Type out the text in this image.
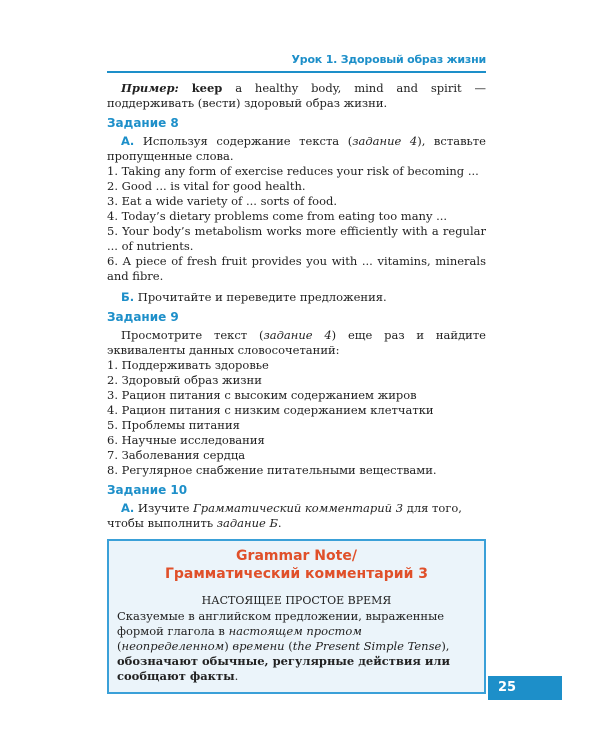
Урок 1. Здоровый образ жизни

Пример: keep a healthy body, mind and spirit — поддерживать (вести) здоровый образ жизни.

Задание 8

А. Используя содержание текста (задание 4), вставьте пропущенные слова.

1. Taking any form of exercise reduces your risk of becoming ...

2. Good ... is vital for good health.

3. Eat a wide variety of ... sorts of food.

4. Today’s dietary problems come from eating too many ...

5. Your body’s metabolism works more efficiently with a regular ... of nutrients.

6. A piece of fresh fruit provides you with ... vitamins, minerals and fibre.

Б. Прочитайте и переведите предложения.

Задание 9

Просмотрите текст (задание 4) еще раз и найдите эквиваленты данных словосочетаний:

1. Поддерживать здоровье

2. Здоровый образ жизни

3. Рацион питания с высоким содержанием жиров

4. Рацион питания с низким содержанием клетчатки

5. Проблемы питания

6. Научные исследования

7. Заболевания сердца

8. Регулярное снабжение питательными веществами.

Задание 10

А. Изучите Грамматический комментарий 3 для того, чтобы выполнить задание Б.

Grammar Note/
Грамматический комментарий 3
НАСТОЯЩЕЕ ПРОСТОЕ ВРЕМЯ

Сказуемые в английском предложении, выраженные формой глагола в настоящем простом (неопределенном) времени (the Present Simple Tense), обозначают обычные, регулярные действия или сообщают факты.

25
